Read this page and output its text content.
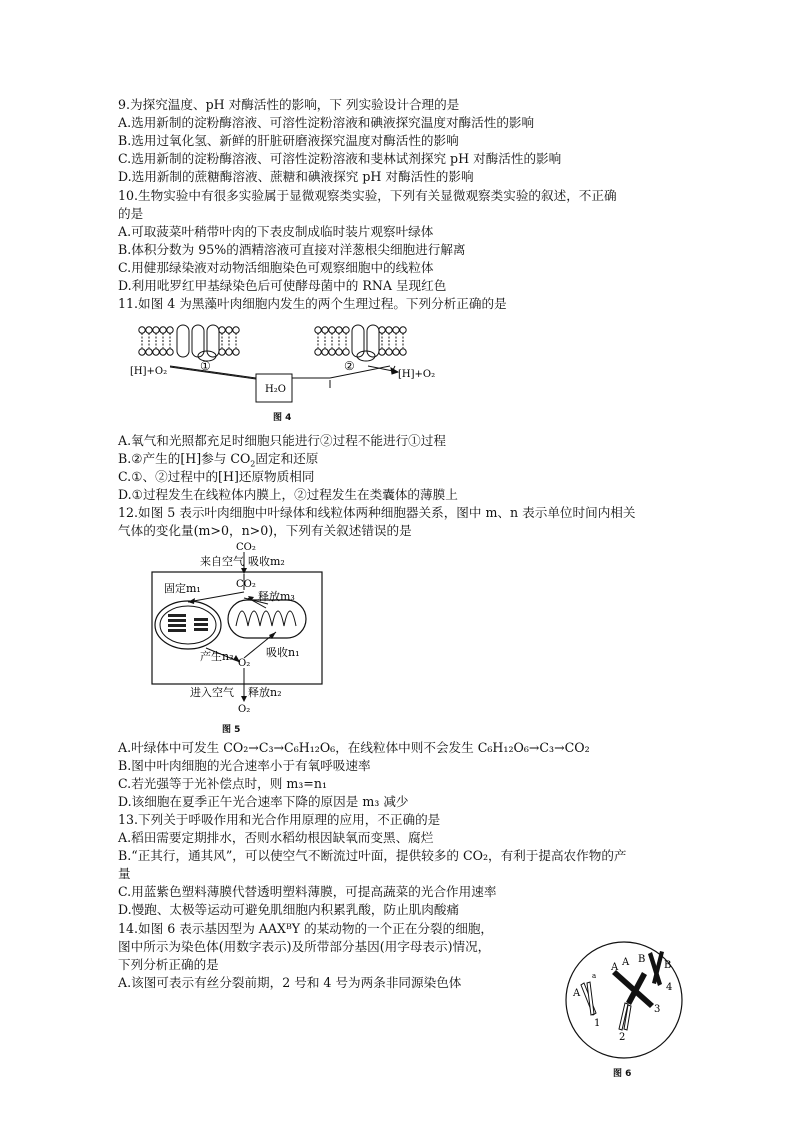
9.为探究温度、pH 对酶活性的影响，下 列实验设计合理的是
A.选用新制的淀粉酶溶液、可溶性淀粉溶液和碘液探究温度对酶活性的影响
B.选用过氧化氢、新鲜的肝脏研磨液探究温度对酶活性的影响
C.选用新制的淀粉酶溶液、可溶性淀粉溶液和斐林试剂探究 pH 对酶活性的影响
D.选用新制的蔗糖酶溶液、蔗糖和碘液探究 pH 对酶活性的影响
10.生物实验中有很多实验属于显微观察类实验，下列有关显微观察类实验的叙述，不正确
的是
A.可取菠菜叶稍带叶肉的下表皮制成临时装片观察叶绿体
B.体积分数为 95%的酒精溶液可直接对洋葱根尖细胞进行解离
C.用健那绿染液对动物活细胞染色可观察细胞中的线粒体
D.利用吡罗红甲基绿染色后可使酵母菌中的 RNA 呈现红色
11.如图 4 为黑藻叶肉细胞内发生的两个生理过程。下列分析正确的是
H₂O
[H]+O₂	[H]+O₂
①	②
图 4
A.氧气和光照都充足时细胞只能进行②过程不能进行①过程
B.②产生的[H]参与 $CO_2$固定和还原
C.①、②过程中的[H]还原物质相同
D.①过程发生在线粒体内膜上，②过程发生在类囊体的薄膜上
12.如图 5 表示叶肉细胞中叶绿体和线粒体两种细胞器关系，图中 m、n 表示单位时间内相关
气体的变化量(m>0，n>0)，下列有关叙述错误的是
CO₂
来自空气 吸收m₂
CO₂
固定m₁
释放m₃
产生n₃
O₂
吸收n₁
进入空气 释放n₂
O₂
图 5
A.叶绿体中可发生 CO₂→C₃→C₆H₁₂O₆，在线粒体中则不会发生 C₆H₁₂O₆→C₃→CO₂
B.图中叶肉细胞的光合速率小于有氧呼吸速率
C.若光强等于光补偿点时，则 m₃=n₁
D.该细胞在夏季正午光合速率下降的原因是 m₃ 减少
13.下列关于呼吸作用和光合作用原理的应用，不正确的是
A.稻田需要定期排水，否则水稻幼根因缺氧而变黑、腐烂
B.“正其行，通其风”，可以使空气不断流过叶面，提供较多的 CO₂，有利于提高农作物的产
量
C.用蓝紫色塑料薄膜代替透明塑料薄膜，可提高蔬菜的光合作用速率
D.慢跑、太极等运动可避免肌细胞内积累乳酸，防止肌肉酸痛
14.如图 6 表示基因型为 AAXᴮY 的某动物的一个正在分裂的细胞，
图中所示为染色体(用数字表示)及所带部分基因(用字母表示)情况，
下列分析正确的是
A.该图可表示有丝分裂前期，2 号和 4 号为两条非同源染色体
A
a
1
2
A A B
B
3
4
图 6
